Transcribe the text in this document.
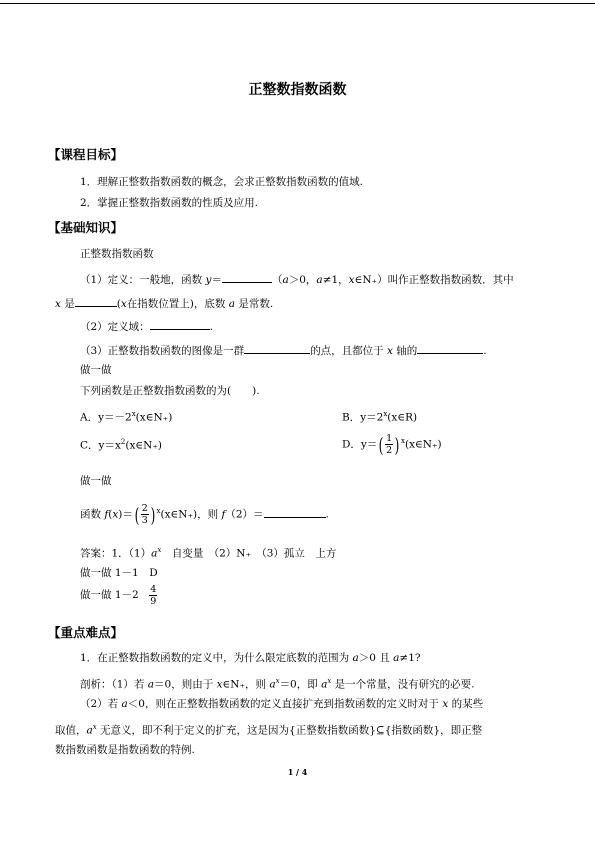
正整数指数函数
【课程目标】
1．理解正整数指数函数的概念，会求正整数指数函数的值域.
2．掌握正整数指数函数的性质及应用.
【基础知识】
正整数指数函数
（1）定义：一般地，函数 y＝	（a＞0，a≠1，x∈N₊）叫作正整数指数函数．其中
x 是	(x在指数位置上)，底数 a 是常数.
（2）定义域：	.
（3）正整数指数函数的图像是一群	的点，且都位于 x 轴的	.
做一做
下列函数是正整数指数函数的为(　　).
A．$y=-2^x(x\in N_+)$	B．$y=2^x(x\in R)$
C．$y=x^2(x\in N_+)$	D．$y=( \frac{1}{2}$ ) $^x$(x∈N₊)
做一做
函数 $f(x)=( \frac{2}{3}$ ) $^x$(x∈N₊)，则 f（2）＝	.
答案：1．$(1)a^x$　自变量　（2）N₊　（3）孤立　上方
做一做 1－1　D
做一做 1－2　 $\frac{4}{9}$
【重点难点】
1．在正整数指数函数的定义中，为什么限定底数的范围为 a＞0 且 a≠1?
剖析：（1）若 a＝0，则由于 x∈N₊，则 $a^x=0$，即 $a^x$ 是一个常量，没有研究的必要.
（2）若 a＜0，则在正整数指数函数的定义直接扩充到指数函数的定义时对于 x 的某些
取值，$a^x$ 无意义，即不利于定义的扩充，这是因为{正整数指数函数}⊆{指数函数}，即正整
数指数函数是指数函数的特例.
1 / 4
